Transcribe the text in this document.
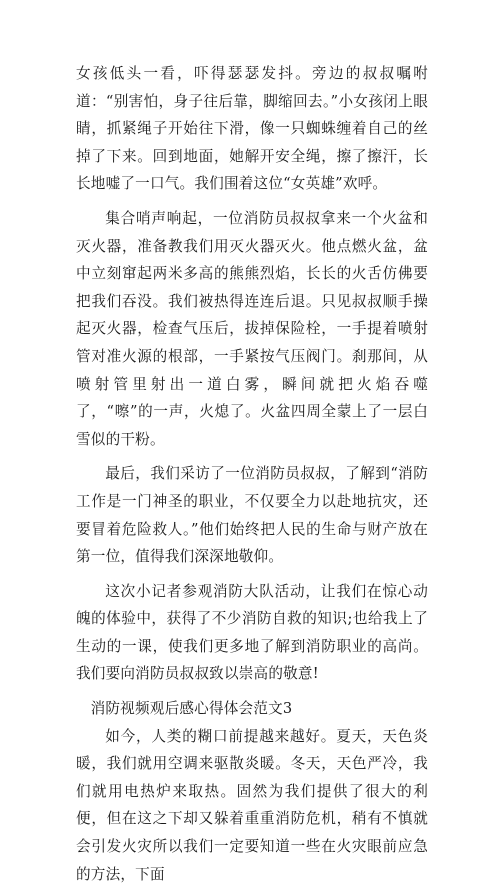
女孩低头一看，吓得瑟瑟发抖。旁边的叔叔嘱咐道：“别害怕，身子往后靠，脚缩回去。”小女孩闭上眼睛，抓紧绳子开始往下滑，像一只蜘蛛缠着自己的丝掉了下来。回到地面，她解开安全绳，擦了擦汗，长长地嘘了一口气。我们围着这位“女英雄”欢呼。

集合哨声响起，一位消防员叔叔拿来一个火盆和灭火器，准备教我们用灭火器灭火。他点燃火盆，盆中立刻窜起两米多高的熊熊烈焰，长长的火舌仿佛要把我们吞没。我们被热得连连后退。只见叔叔顺手操起灭火器，检查气压后，拔掉保险栓，一手提着喷射管对准火源的根部，一手紧按气压阀门。刹那间，从喷射管里射出一道白雾，瞬间就把火焰吞噬了，“嚓”的一声，火熄了。火盆四周全蒙上了一层白雪似的干粉。

最后，我们采访了一位消防员叔叔，了解到“消防工作是一门神圣的职业，不仅要全力以赴地抗灾，还要冒着危险救人。”他们始终把人民的生命与财产放在第一位，值得我们深深地敬仰。

这次小记者参观消防大队活动，让我们在惊心动魄的体验中，获得了不少消防自救的知识;也给我上了生动的一课，使我们更多地了解到消防职业的高尚。我们要向消防员叔叔致以崇高的敬意!

消防视频观后感心得体会范文3

如今，人类的糊口前提越来越好。夏天，天色炎暖，我们就用空调来驱散炎暖。冬天，天色严冷，我们就用电热炉来取热。固然为我们提供了很大的利便，但在这之下却又躲着重重消防危机，稍有不慎就会引发火灾所以我们一定要知道一些在火灾眼前应急的方法，下面
